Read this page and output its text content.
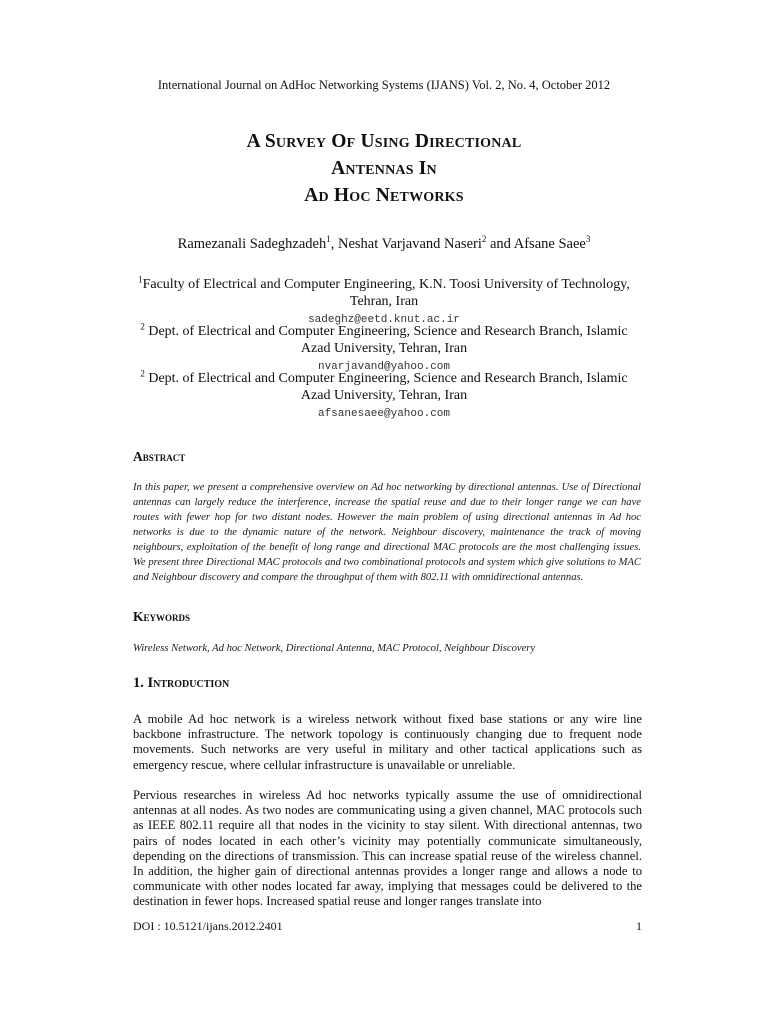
International Journal on AdHoc Networking Systems (IJANS) Vol. 2, No. 4, October 2012
A Survey Of Using Directional
Antennas In
Ad Hoc Networks
Ramezanali Sadeghzadeh$^1$, Neshat Varjavand Naseri$^2$ and Afsane Saee$^3$
$^1$Faculty of Electrical and Computer Engineering, K.N. Toosi University of Technology, Tehran, Iran
sadeghz@eetd.knut.ac.ir
$^2$ Dept. of Electrical and Computer Engineering, Science and Research Branch, Islamic Azad University, Tehran, Iran
nvarjavand@yahoo.com
$^2$ Dept. of Electrical and Computer Engineering, Science and Research Branch, Islamic Azad University, Tehran, Iran
afsanesaee@yahoo.com
Abstract
In this paper, we present a comprehensive overview on Ad hoc networking by directional antennas. Use of Directional antennas can largely reduce the interference, increase the spatial reuse and due to their longer range we can have routes with fewer hop for two distant nodes. However the main problem of using directional antennas in Ad hoc networks is due to the dynamic nature of the network. Neighbour discovery, maintenance the track of moving neighbours, exploitation of the benefit of long range and directional MAC protocols are the most challenging issues. We present three Directional MAC protocols and two combinational protocols and system which give solutions to MAC and Neighbour discovery and compare the throughput of them with 802.11 with omnidirectional antennas.
Keywords
Wireless Network, Ad hoc Network, Directional Antenna, MAC Protocol, Neighbour Discovery
1. Introduction
A mobile Ad hoc network is a wireless network without fixed base stations or any wire line backbone infrastructure. The network topology is continuously changing due to frequent node movements. Such networks are very useful in military and other tactical applications such as emergency rescue, where cellular infrastructure is unavailable or unreliable.
Pervious researches in wireless Ad hoc networks typically assume the use of omnidirectional antennas at all nodes. As two nodes are communicating using a given channel, MAC protocols such as IEEE 802.11 require all that nodes in the vicinity to stay silent. With directional antennas, two pairs of nodes located in each other’s vicinity may potentially communicate simultaneously, depending on the directions of transmission. This can increase spatial reuse of the wireless channel. In addition, the higher gain of directional antennas provides a longer range and allows a node to communicate with other nodes located far away, implying that messages could be delivered to the destination in fewer hops. Increased spatial reuse and longer ranges translate into
DOI : 10.5121/ijans.2012.2401	1
